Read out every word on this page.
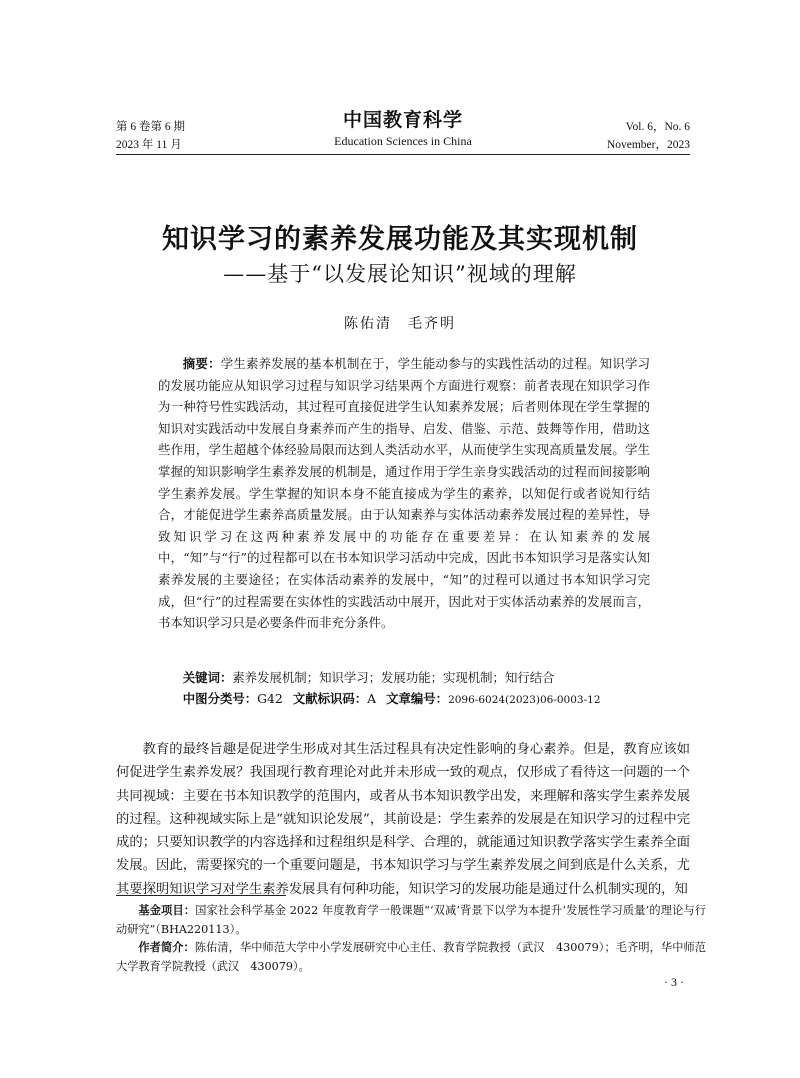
第 6 卷第 6 期
2023 年 11 月
中国教育科学
Education Sciences in China
Vol. 6，No. 6
November，2023
知识学习的素养发展功能及其实现机制
——基于“以发展论知识”视域的理解
陈佑清　毛齐明
摘要：学生素养发展的基本机制在于，学生能动参与的实践性活动的过程。知识学习的发展功能应从知识学习过程与知识学习结果两个方面进行观察：前者表现在知识学习作为一种符号性实践活动，其过程可直接促进学生认知素养发展；后者则体现在学生掌握的知识对实践活动中发展自身素养而产生的指导、启发、借鉴、示范、鼓舞等作用，借助这些作用，学生超越个体经验局限而达到人类活动水平，从而使学生实现高质量发展。学生掌握的知识影响学生素养发展的机制是，通过作用于学生亲身实践活动的过程而间接影响学生素养发展。学生掌握的知识本身不能直接成为学生的素养，以知促行或者说知行结合，才能促进学生素养高质量发展。由于认知素养与实体活动素养发展过程的差异性，导致知识学习在这两种素养发展中的功能存在重要差异：在认知素养的发展中，“知”与“行”的过程都可以在书本知识学习活动中完成，因此书本知识学习是落实认知素养发展的主要途径；在实体活动素养的发展中，“知”的过程可以通过书本知识学习完成，但“行”的过程需要在实体性的实践活动中展开，因此对于实体活动素养的发展而言，书本知识学习只是必要条件而非充分条件。
关键词：素养发展机制；知识学习；发展功能；实现机制；知行结合
中图分类号：G42 文献标识码：A 文章编号：2096-6024(2023)06-0003-12
教育的最终旨趣是促进学生形成对其生活过程具有决定性影响的身心素养。但是，教育应该如何促进学生素养发展？我国现行教育理论对此并未形成一致的观点，仅形成了看待这一问题的一个共同视域：主要在书本知识教学的范围内，或者从书本知识教学出发，来理解和落实学生素养发展的过程。这种视域实际上是“就知识论发展”，其前设是：学生素养的发展是在知识学习的过程中完成的；只要知识教学的内容选择和过程组织是科学、合理的，就能通过知识教学落实学生素养全面发展。因此，需要探究的一个重要问题是，书本知识学习与学生素养发展之间到底是什么关系，尤其要探明知识学习对学生素养发展具有何种功能，知识学习的发展功能是通过什么机制实现的，知
基金项目：国家社会科学基金 2022 年度教育学一般课题“‘双减’背景下以学为本提升‘发展性学习质量’的理论与行动研究”（BHA220113）。
作者简介：陈佑清，华中师范大学中小学发展研究中心主任、教育学院教授（武汉　430079）；毛齐明，华中师范大学教育学院教授（武汉　430079）。
· 3 ·
